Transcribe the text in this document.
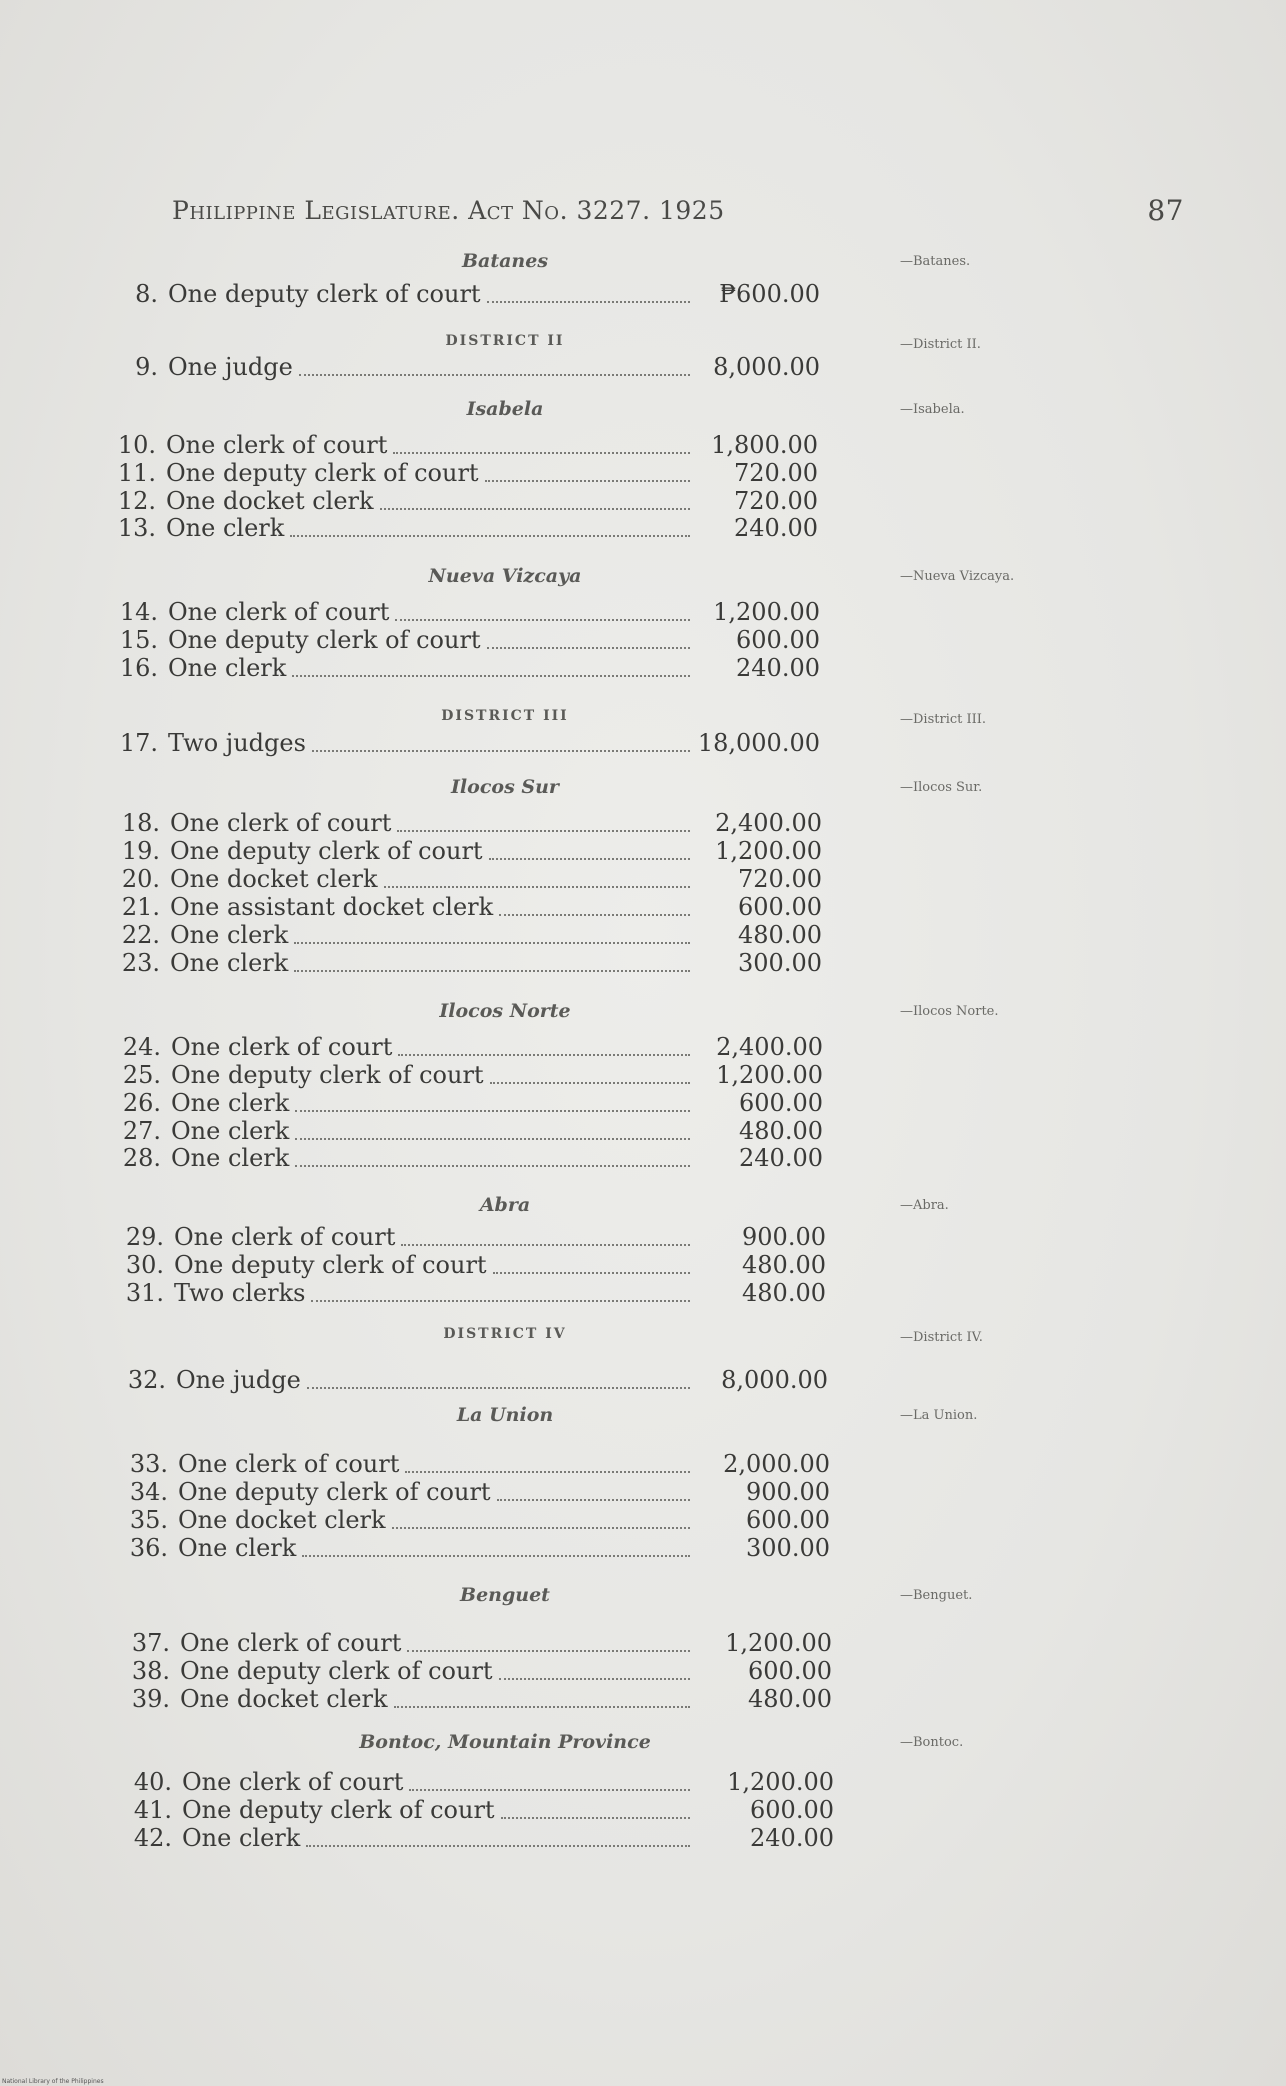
Philippine Legislature. Act No. 3227. 1925	87
Batanes	—Batanes.
8. One deputy clerk of court	₱600.00
DISTRICT II	—District II.
9. One judge	8,000.00
Isabela	—Isabela.
10. One clerk of court	1,800.00
11. One deputy clerk of court	720.00
12. One docket clerk	720.00
13. One clerk	240.00
Nueva Vizcaya	—Nueva Vizcaya.
14. One clerk of court	1,200.00
15. One deputy clerk of court	600.00
16. One clerk	240.00
DISTRICT III	—District III.
17. Two judges	18,000.00
Ilocos Sur	—Ilocos Sur.
18. One clerk of court	2,400.00
19. One deputy clerk of court	1,200.00
20. One docket clerk	720.00
21. One assistant docket clerk	600.00
22. One clerk	480.00
23. One clerk	300.00
Ilocos Norte	—Ilocos Norte.
24. One clerk of court	2,400.00
25. One deputy clerk of court	1,200.00
26. One clerk	600.00
27. One clerk	480.00
28. One clerk	240.00
Abra	—Abra.
29. One clerk of court	900.00
30. One deputy clerk of court	480.00
31. Two clerks	480.00
DISTRICT IV	—District IV.
32. One judge	8,000.00
La Union	—La Union.
33. One clerk of court	2,000.00
34. One deputy clerk of court	900.00
35. One docket clerk	600.00
36. One clerk	300.00
Benguet	—Benguet.
37. One clerk of court	1,200.00
38. One deputy clerk of court	600.00
39. One docket clerk	480.00
Bontoc, Mountain Province	—Bontoc.
40. One clerk of court	1,200.00
41. One deputy clerk of court	600.00
42. One clerk	240.00
National Library of the Philippines
